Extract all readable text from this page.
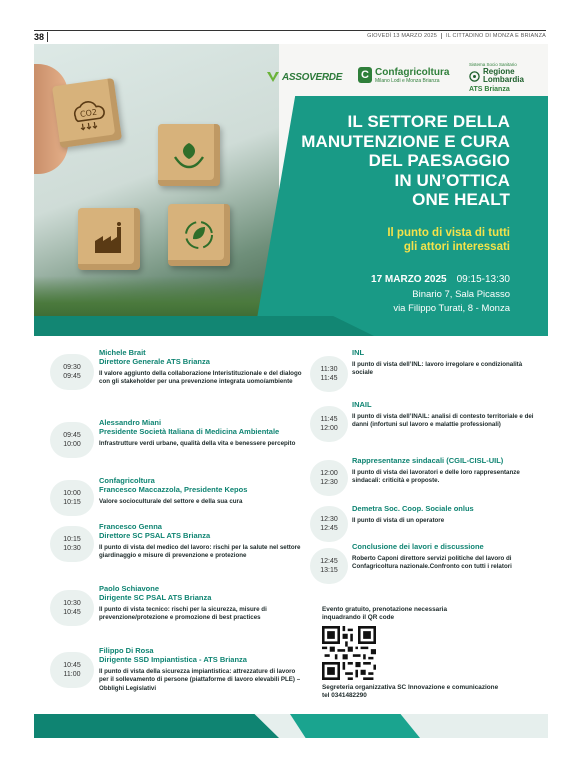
38	GIOVEDÌ 13 MARZO 2025 IL CITTADINO DI MONZA E BRIANZA
CO2
ASSOVERDE C Confagricoltura
Milano Lodi e Monza Brianza
Sistema Socio Sanitario
Regione
Lombardia
ATS Brianza
IL SETTORE DELLA
MANUTENZIONE E CURA
DEL PAESAGGIO
IN UN’OTTICA
ONE HEALT
Il punto di vista di tutti
gli attori interessati
17 MARZO 2025 09:15-13:30
Binario 7, Sala Picasso
via Filippo Turati, 8 - Monza
09:30
09:45
Michele Brait
Direttore Generale ATS Brianza
Il valore aggiunto della collaborazione Interistituzionale e del dialogo con gli stakeholder per una prevenzione integrata uomo/ambiente
09:45
10:00
Alessandro Miani
Presidente Società Italiana di Medicina Ambientale
Infrastrutture verdi urbane, qualità della vita e benessere percepito
10:00
10:15
Confagricoltura
Francesco Maccazzola, Presidente Kepos
Valore socioculturale del settore e della sua cura
10:15
10:30
Francesco Genna
Direttore SC PSAL ATS Brianza
Il punto di vista del medico del lavoro: rischi per la salute nel settore giardinaggio e misure di prevenzione e protezione
10:30
10:45
Paolo Schiavone
Dirigente SC PSAL ATS Brianza
Il punto di vista tecnico: rischi per la sicurezza, misure di prevenzione/protezione e promozione di best practices
10:45
11:00
Filippo Di Rosa
Dirigente SSD Impiantistica - ATS Brianza
Il punto di vista della sicurezza impiantistica: attrezzature di lavoro per il sollevamento di persone (piattaforme di lavoro elevabili PLE) – Obblighi Legislativi
11:30
11:45
INL
Il punto di vista dell’INL: lavoro irregolare e condizionalità sociale
11:45
12:00
INAIL
Il punto di vista dell’INAIL: analisi di contesto territoriale e dei danni (infortuni sul lavoro e malattie professionali)
12:00
12:30
Rappresentanze sindacali (CGIL-CISL-UIL)
Il punto di vista dei lavoratori e delle loro rappresentanze sindacali: criticità e proposte.
12:30
12:45
Demetra Soc. Coop. Sociale onlus
Il punto di vista di un operatore
12:45
13:15
Conclusione dei lavori e discussione
Roberto Caponi direttore servizi politiche del lavoro di Confagricoltura nazionale.Confronto con tutti i relatori
Evento gratuito, prenotazione necessaria
inquadrando il QR code
Segreteria organizzativa SC Innovazione e comunicazione
tel 0341482290
